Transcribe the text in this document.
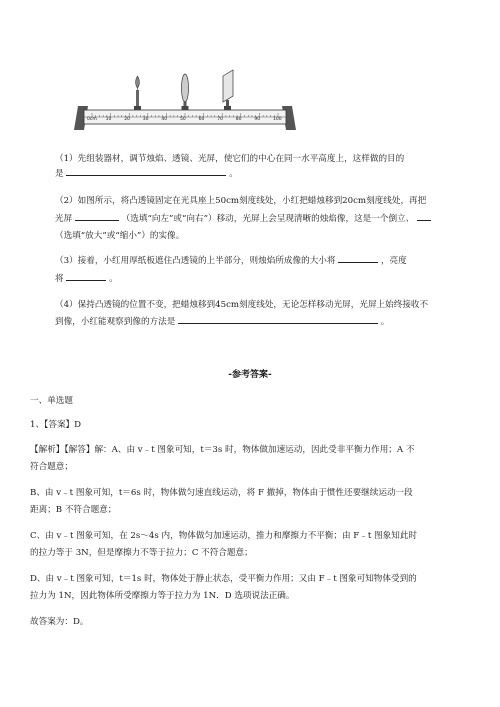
0cm 10	20	30	40	50	60	70	80	90	100
（1）先组装器材，调节烛焰、透镜、光屏，使它们的中心在同一水平高度上，这样做的目的
是	。
（2）如图所示，将凸透镜固定在光具座上50cm刻度线处，小红把蜡烛移到20cm刻度线处，再把
光屏	（选填“向左”或“向右”）移动，光屏上会呈现清晰的烛焰像，这是一个倒立、
（选填“放大”或“缩小”）的实像。
（3）接着，小红用厚纸板遮住凸透镜的上半部分，则烛焰所成像的大小将	，亮度
将	。
（4）保持凸透镜的位置不变，把蜡烛移到45cm刻度线处，无论怎样移动光屏，光屏上始终接收不
到像，小红能观察到像的方法是	。
-参考答案-
一、单选题
1、【答案】D
【解析】【解答】解：A、由 v﹣t 图象可知，t＝3s 时，物体做加速运动，因此受非平衡力作用；A 不
符合题意；
B、由 v﹣t 图象可知，t＝6s 时，物体做匀速直线运动，将 F 撤掉，物体由于惯性还要继续运动一段
距离；B 不符合题意；
C、由 v﹣t 图象可知，在 2s～4s 内，物体做匀加速运动，推力和摩擦力不平衡；由 F﹣t 图象知此时
的拉力等于 3N，但是摩擦力不等于拉力；C 不符合题意；
D、由 v﹣t 图象可知，t＝1s 时，物体处于静止状态，受平衡力作用；又由 F﹣t 图象可知物体受到的
拉力为 1N，因此物体所受摩擦力等于拉力为 1N．D 选项说法正确。
故答案为：D。
